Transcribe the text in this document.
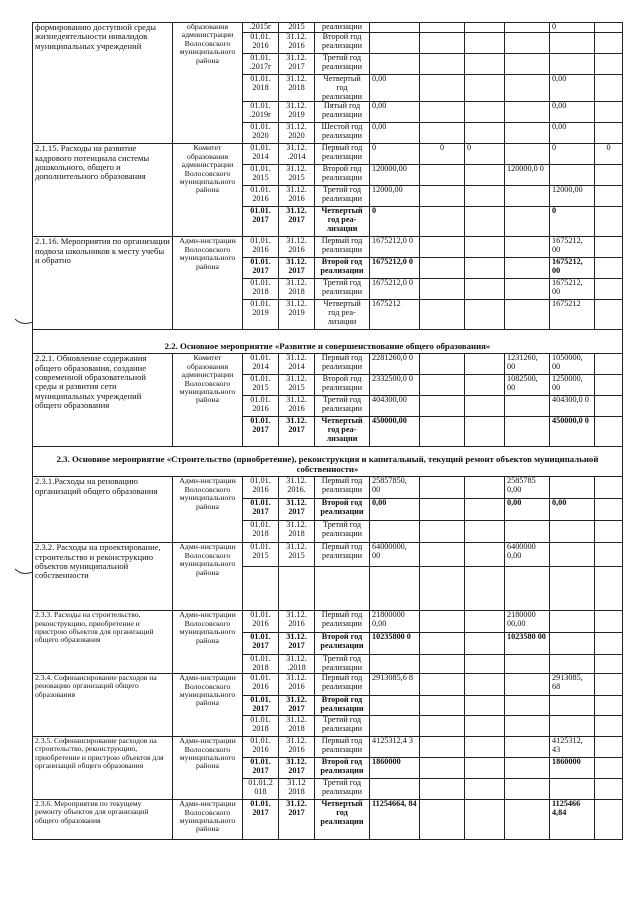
формированию доступной среды жизнедеятельности инвалидов муниципальных учреждений	образования администрации Волосовского муниципального района	.2015г	2015	реализации					0	
		01.01. 2016	31.12. 2016	Второй год реализации						
		01.01. .2017г	31.12. 2017	Третий год реализации						
		01.01. 2018	31.12. 2018	Четвертый год реализации	0,00				0,00	
		01.01. .2019г	31.12. 2019	Пятый год реализации	0,00				0,00	
		01.01. 2020	31.12. 2020	Шестой год реализации	0,00				0,00	
2.1.15. Расходы на развитие кадрового потенциала системы дошкольного, общего и дополнительного образования	Комитет образования администрации Волосовского муниципального района	01.01. 2014	31.12. .2014	Первый год реализации	0	0	0		0	0
		01.01. 2015	31.12. 2015	Второй год реализации	120000,00			120000,0 0		
		01.01. 2016	31.12. 2016	Третий год реализации	12000,00				12000,00	
		01.01. 2017	31.12. 2017	Четвертый год реа-лизации	0				0	
2.1.16. Мероприятия по организации подвоза школьников к месту учебы и обратно	Адми-нистрации Волосовского муниципального района	01.01. 2016	31.12. 2016	Первый год реализации	1675212,0 0				1675212, 00	
		01.01. 2017	31.12. 2017	Второй год реализации	1675212,0 0				1675212, 00	
		01.01. 2018	31.12. 2018	Третий год реализации	1675212,0 0				1675212, 00	
		01.01. 2019	31.12. 2019	Четвертый год реа-лизации	1675212				1675212	
2.2. Основное мероприятие «Развитие и совершенствование общего образования»										
2.2.1. Обновление содержания общего образования, создание современной образовательной среды и развития сети муниципальных учреждений общего образования	Комитет образования администрации Волосовского муниципального района	01.01. 2014	31.12. 2014	Первый год реализации	2281260,0 0			1231260, 00	1050000, 00	
		01.01. 2015	31.12. 2015	Второй год реализации	2332500,0 0			1082500, 00	1250000, 00	
		01.01. 2016	31.12. 2016	Третий год реализации	404300,00				404300,0 0	
		01.01. 2017	31.12. 2017	Четвертый год реа-лизации	450000,00				450000,0 0	
2.3. Основное мероприятие «Строительство (приобретение), реконструкция и капитальный, текущий ремонт объектов муниципальной собственности»										
2.3.1.Расходы на реновацию организаций общего образования	Адми-нистрации Волосовского муниципального района	01.01. 2016	31.12. 2016.	Первый год реализации	25857850, 00			2585785 0,00		
		01.01. 2017	31.12. 2017	Второй год реализации	0,00			0,00	0,00	
		01.01. 2018	31.12. 2018	Третий год реализации						
2.3.2. Расходы на проектирование, строительство и реконструкцию объектов муниципальной собственности	Адми-нистрации Волосовского муниципального района	01.01. 2015	31.12. 2015	Первый год реализации	64000000, 00			6400000 0,00		

2.3.3. Расходы на строительство, реконструкцию, приобретение и пристрою объектов для организаций общего образования	Адми-нистрации Волосовского муниципального района	01.01. 2016	31.12. 2016	Первый год реализации	21800000 0,00			2180000 00,00		
		01.01. 2017	31.12. 2017	Второй год реализации	10235800 0			1023580 00		
		01.01. 2018	31.12. .2018	Третий год реализации						
2.3.4. Софинансирование расходов на реновацию организаций общего образования	Адми-нистрации Волосовского муниципального района	01.01. 2016	31.12. 2016	Первый год реализации	2913085,6 8				2913085, 68	
		01.01. 2017	31.12. 2017	Второй год реализации						
		01.01. 2018	31.12. 2018	Третий год реализации						
2.3.5. Софинансирование расходов на строительство, реконструкцию, приобретение и пристрою объектов для организаций общего образования	Адми-нистрации Волосовского муниципального района	01.01. 2016	31.12. 2016	Первый год реализации	4125312,4 3				4125312, 43	
		01.01. 2017	31.12. 2017	Второй год реализации	1860000				1860000	
		01.01.2 018	31.12 2018	Третий год реализации						
2.3.6. Мероприятия по текущему ремонту объектов для организаций общего образования	Адми-нистрации Волосовского муниципального района	01.01. 2017	31.12. 2017	Четвертый год реализации	11254664, 84				1125466 4,84	
